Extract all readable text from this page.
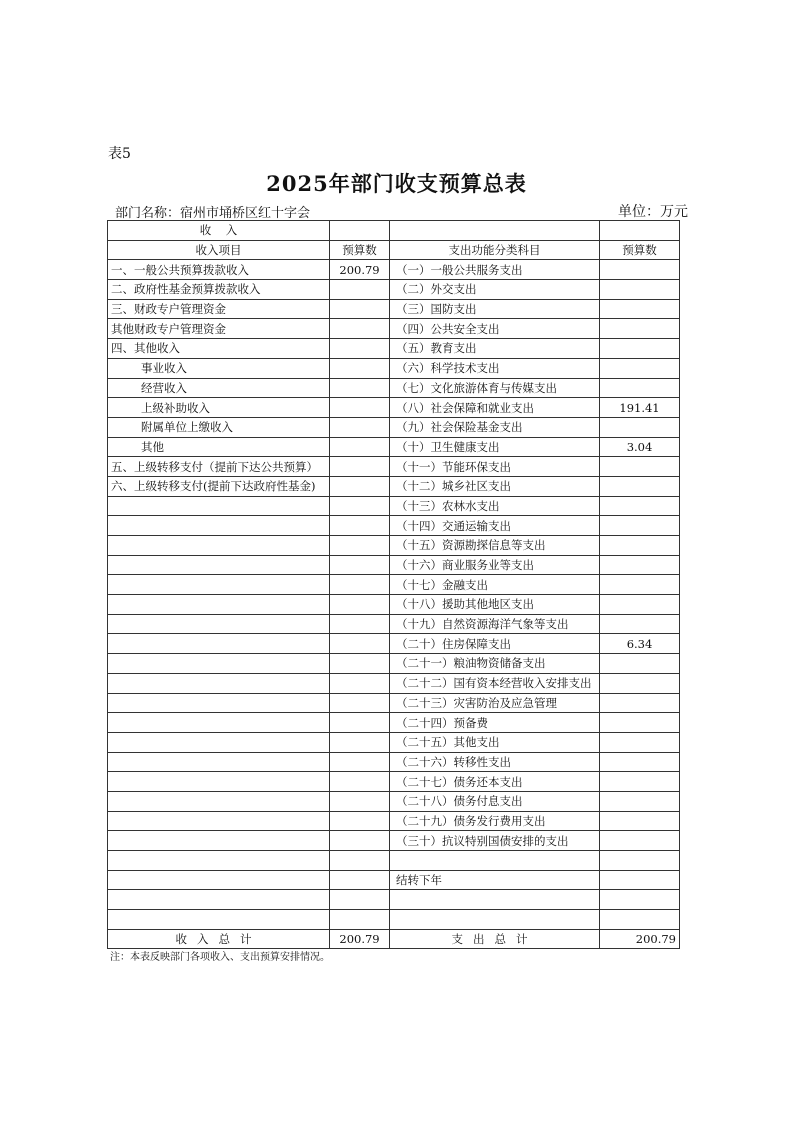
表5
2025年部门收支预算总表
部门名称：宿州市埇桥区红十字会	单位：万元
收    入			
收入项目	预算数	支出功能分类科目	预算数
一、一般公共预算拨款收入	200.79	（一）一般公共服务支出	
二、政府性基金预算拨款收入		（二）外交支出	
三、财政专户管理资金		（三）国防支出	
其他财政专户管理资金		（四）公共安全支出	
四、其他收入		（五）教育支出	
事业收入		（六）科学技术支出	
经营收入		（七）文化旅游体育与传媒支出	
上级补助收入		（八）社会保障和就业支出	191.41
附属单位上缴收入		（九）社会保险基金支出	
其他		（十）卫生健康支出	3.04
五、上级转移支付（提前下达公共预算）		（十一）节能环保支出	
六、上级转移支付(提前下达政府性基金)		（十二）城乡社区支出	
		（十三）农林水支出	
		（十四）交通运输支出	
		（十五）资源勘探信息等支出	
		（十六）商业服务业等支出	
		（十七）金融支出	
		（十八）援助其他地区支出	
		（十九）自然资源海洋气象等支出	
		（二十）住房保障支出	6.34
		（二十一）粮油物资储备支出	
		（二十二）国有资本经营收入安排支出	
		（二十三）灾害防治及应急管理	
		（二十四）预备费	
		（二十五）其他支出	
		（二十六）转移性支出	
		（二十七）债务还本支出	
		（二十八）债务付息支出	
		（二十九）债务发行费用支出	
		（三十）抗议特别国债安排的支出	

		结转下年	

收入总计	200.79	支出总计	200.79
注：本表反映部门各项收入、支出预算安排情况。
